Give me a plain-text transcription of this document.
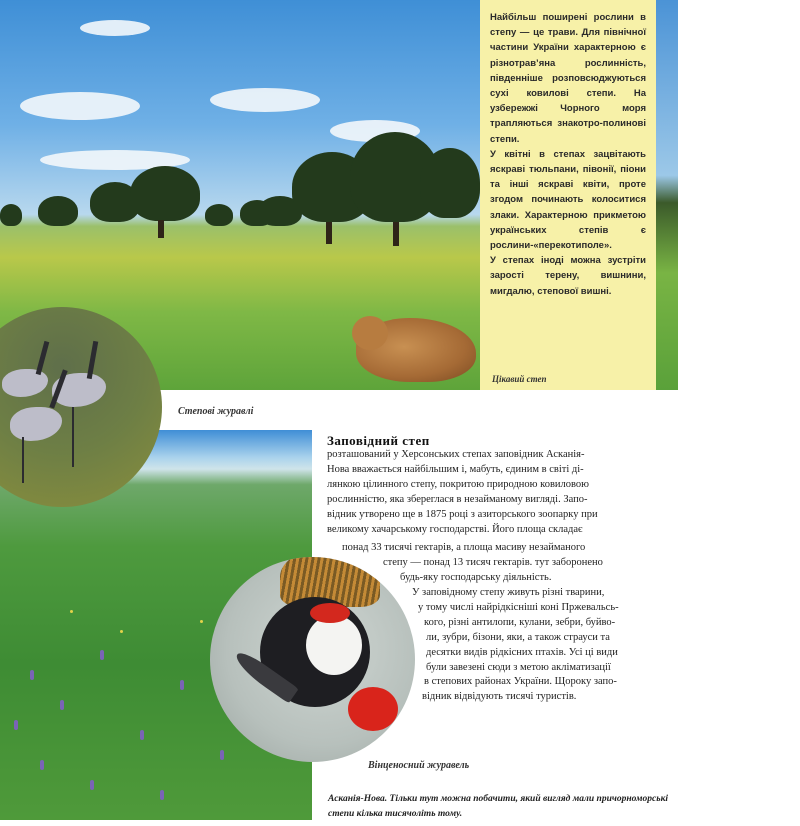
Найбільш поширені рослини в степу — це трави. Для північної частини України характерною є різнотрав’яна рослинність, південніше розповсюджуються сухі ковилові степи. На узбережжі Чорного моря трапляються знакотро-полинові степи.

У квітні в степах зацвітають яскраві тюльпани, півонії, піони та інші яскраві квіти, проте згодом починають колоситися злаки. Характерною прикметою українських степів є рослини-«перекотиполе».

У степах іноді можна зустріти зарості терену, вишнини, мигдалю, степової вишні.

Цікавий степ
Степові журавлі
Вінценосний журавель
Заповідний степ

розташований у Херсонських степах заповідник Асканія-

Нова вважається найбільшим і, мабуть, єдиним в світі ді-

лянкою цілинного степу, покритою природною ковиловою

рослинністю, яка збереглася в незайманому вигляді. Запо-

відник утворено ще в 1875 році з азиторського зоопарку при

великому хачарському господарстві. Його площа складає

понад 33 тисячі гектарів, а площа масиву незайманого

степу — понад 13 тисяч гектарів. тут заборонено

будь-яку господарську діяльність.

У заповідному степу живуть різні тварини,

у тому числі найрідкісніші коні Пржевальсь-

кого, різні антилопи, кулани, зебри, буйво-

ли, зубри, бізони, яки, а також страуси та

десятки видів рідкісних птахів. Усі ці види

були завезені сюди з метою акліматизації

в степових районах України. Щороку запо-

відник відвідують тисячі туристів.

Асканія-Нова. Тільки тут можна побачити, який вигляд мали причорноморські степи кілька тисячоліть тому.
